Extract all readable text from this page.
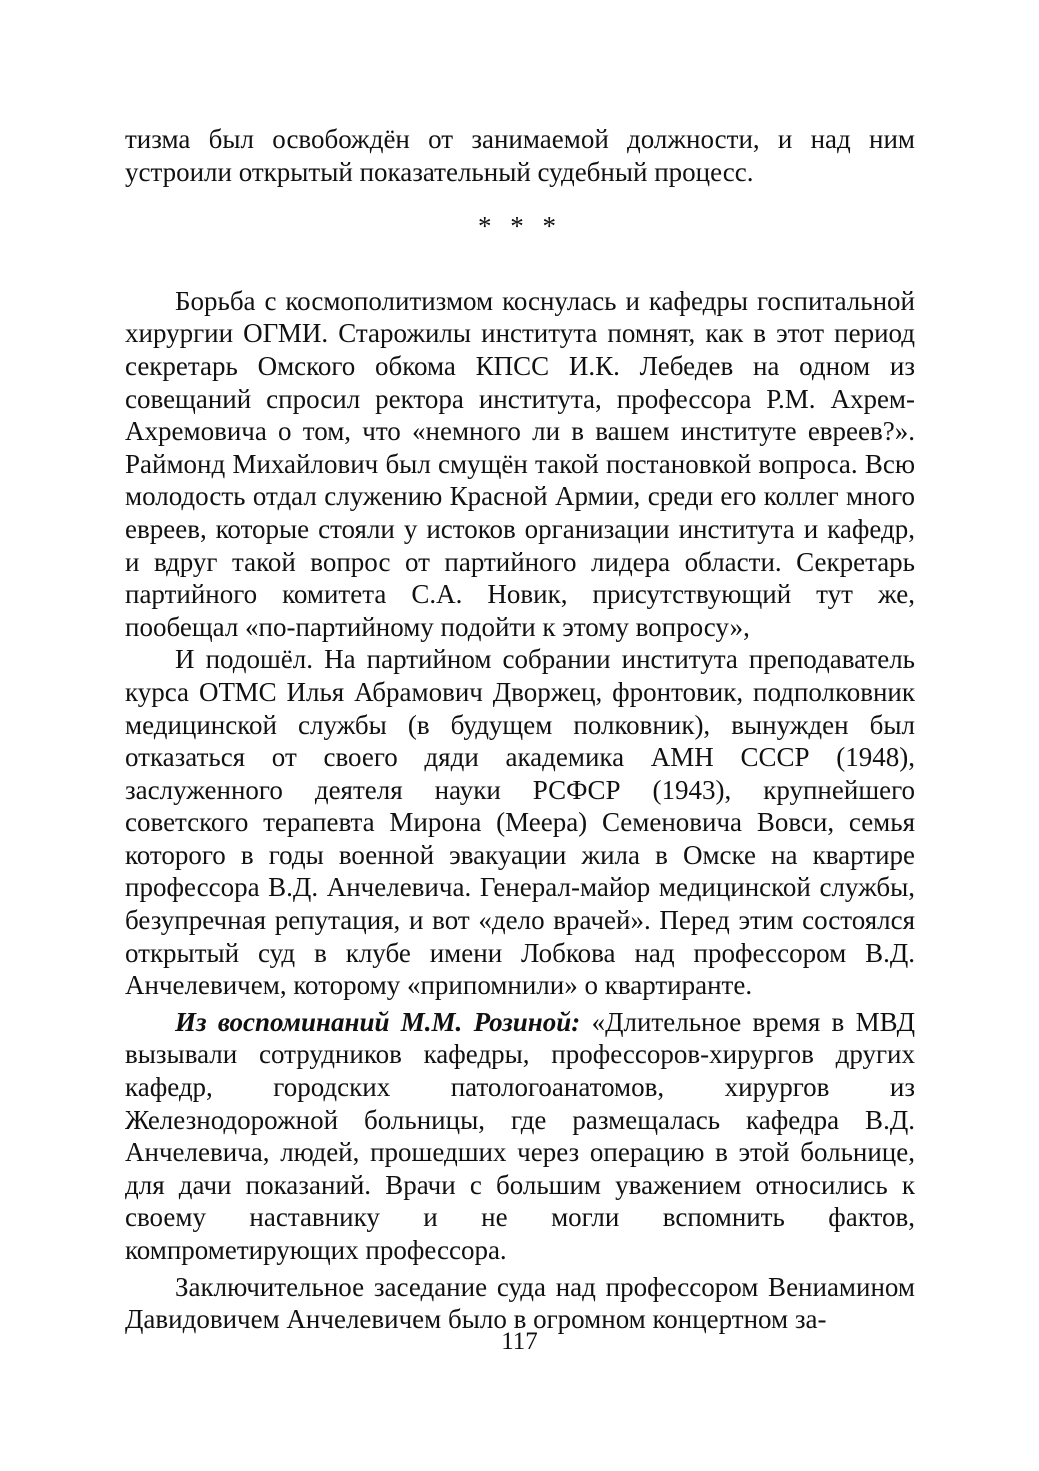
тизма был освобождён от занимаемой должности, и над ним устроили открытый показательный судебный процесс.

* * *

Борьба с космополитизмом коснулась и кафедры госпитальной хирургии ОГМИ. Старожилы института помнят, как в этот период секретарь Омского обкома КПСС И.К. Лебедев на одном из совещаний спросил ректора института, профессора Р.М. Ахрем-Ахремовича о том, что «немного ли в вашем институте евреев?». Раймонд Михайлович был смущён такой постановкой вопроса. Всю молодость отдал служению Красной Армии, среди его коллег много евреев, которые стояли у истоков организации института и кафедр, и вдруг такой вопрос от партийного лидера области. Секретарь партийного комитета С.А. Новик, присутствующий тут же, пообещал «по-партийному подойти к этому вопросу»,

И подошёл. На партийном собрании института преподаватель курса ОТМС Илья Абрамович Дворжец, фронтовик, подполковник медицинской службы (в будущем полковник), вынужден был отказаться от своего дяди академика АМН СССР (1948), заслуженного деятеля науки РСФСР (1943), крупнейшего советского терапевта Мирона (Меера) Семеновича Вовси, семья которого в годы военной эвакуации жила в Омске на квартире профессора В.Д. Анчелевича. Генерал-майор медицинской службы, безупречная репутация, и вот «дело врачей». Перед этим состоялся открытый суд в клубе имени Лобкова над профессором В.Д. Анчелевичем, которому «припомнили» о квартиранте.

Из воспоминаний М.М. Розиной: «Длительное время в МВД вызывали сотрудников кафедры, профессоров-хирургов других кафедр, городских патологоанатомов, хирургов из Железнодорожной больницы, где размещалась кафедра В.Д. Анчелевича, людей, прошедших через операцию в этой больнице, для дачи показаний. Врачи с большим уважением относились к своему наставнику и не могли вспомнить фактов, компрометирующих профессора.

Заключительное заседание суда над профессором Вениамином Давидовичем Анчелевичем было в огромном концертном за-

117
